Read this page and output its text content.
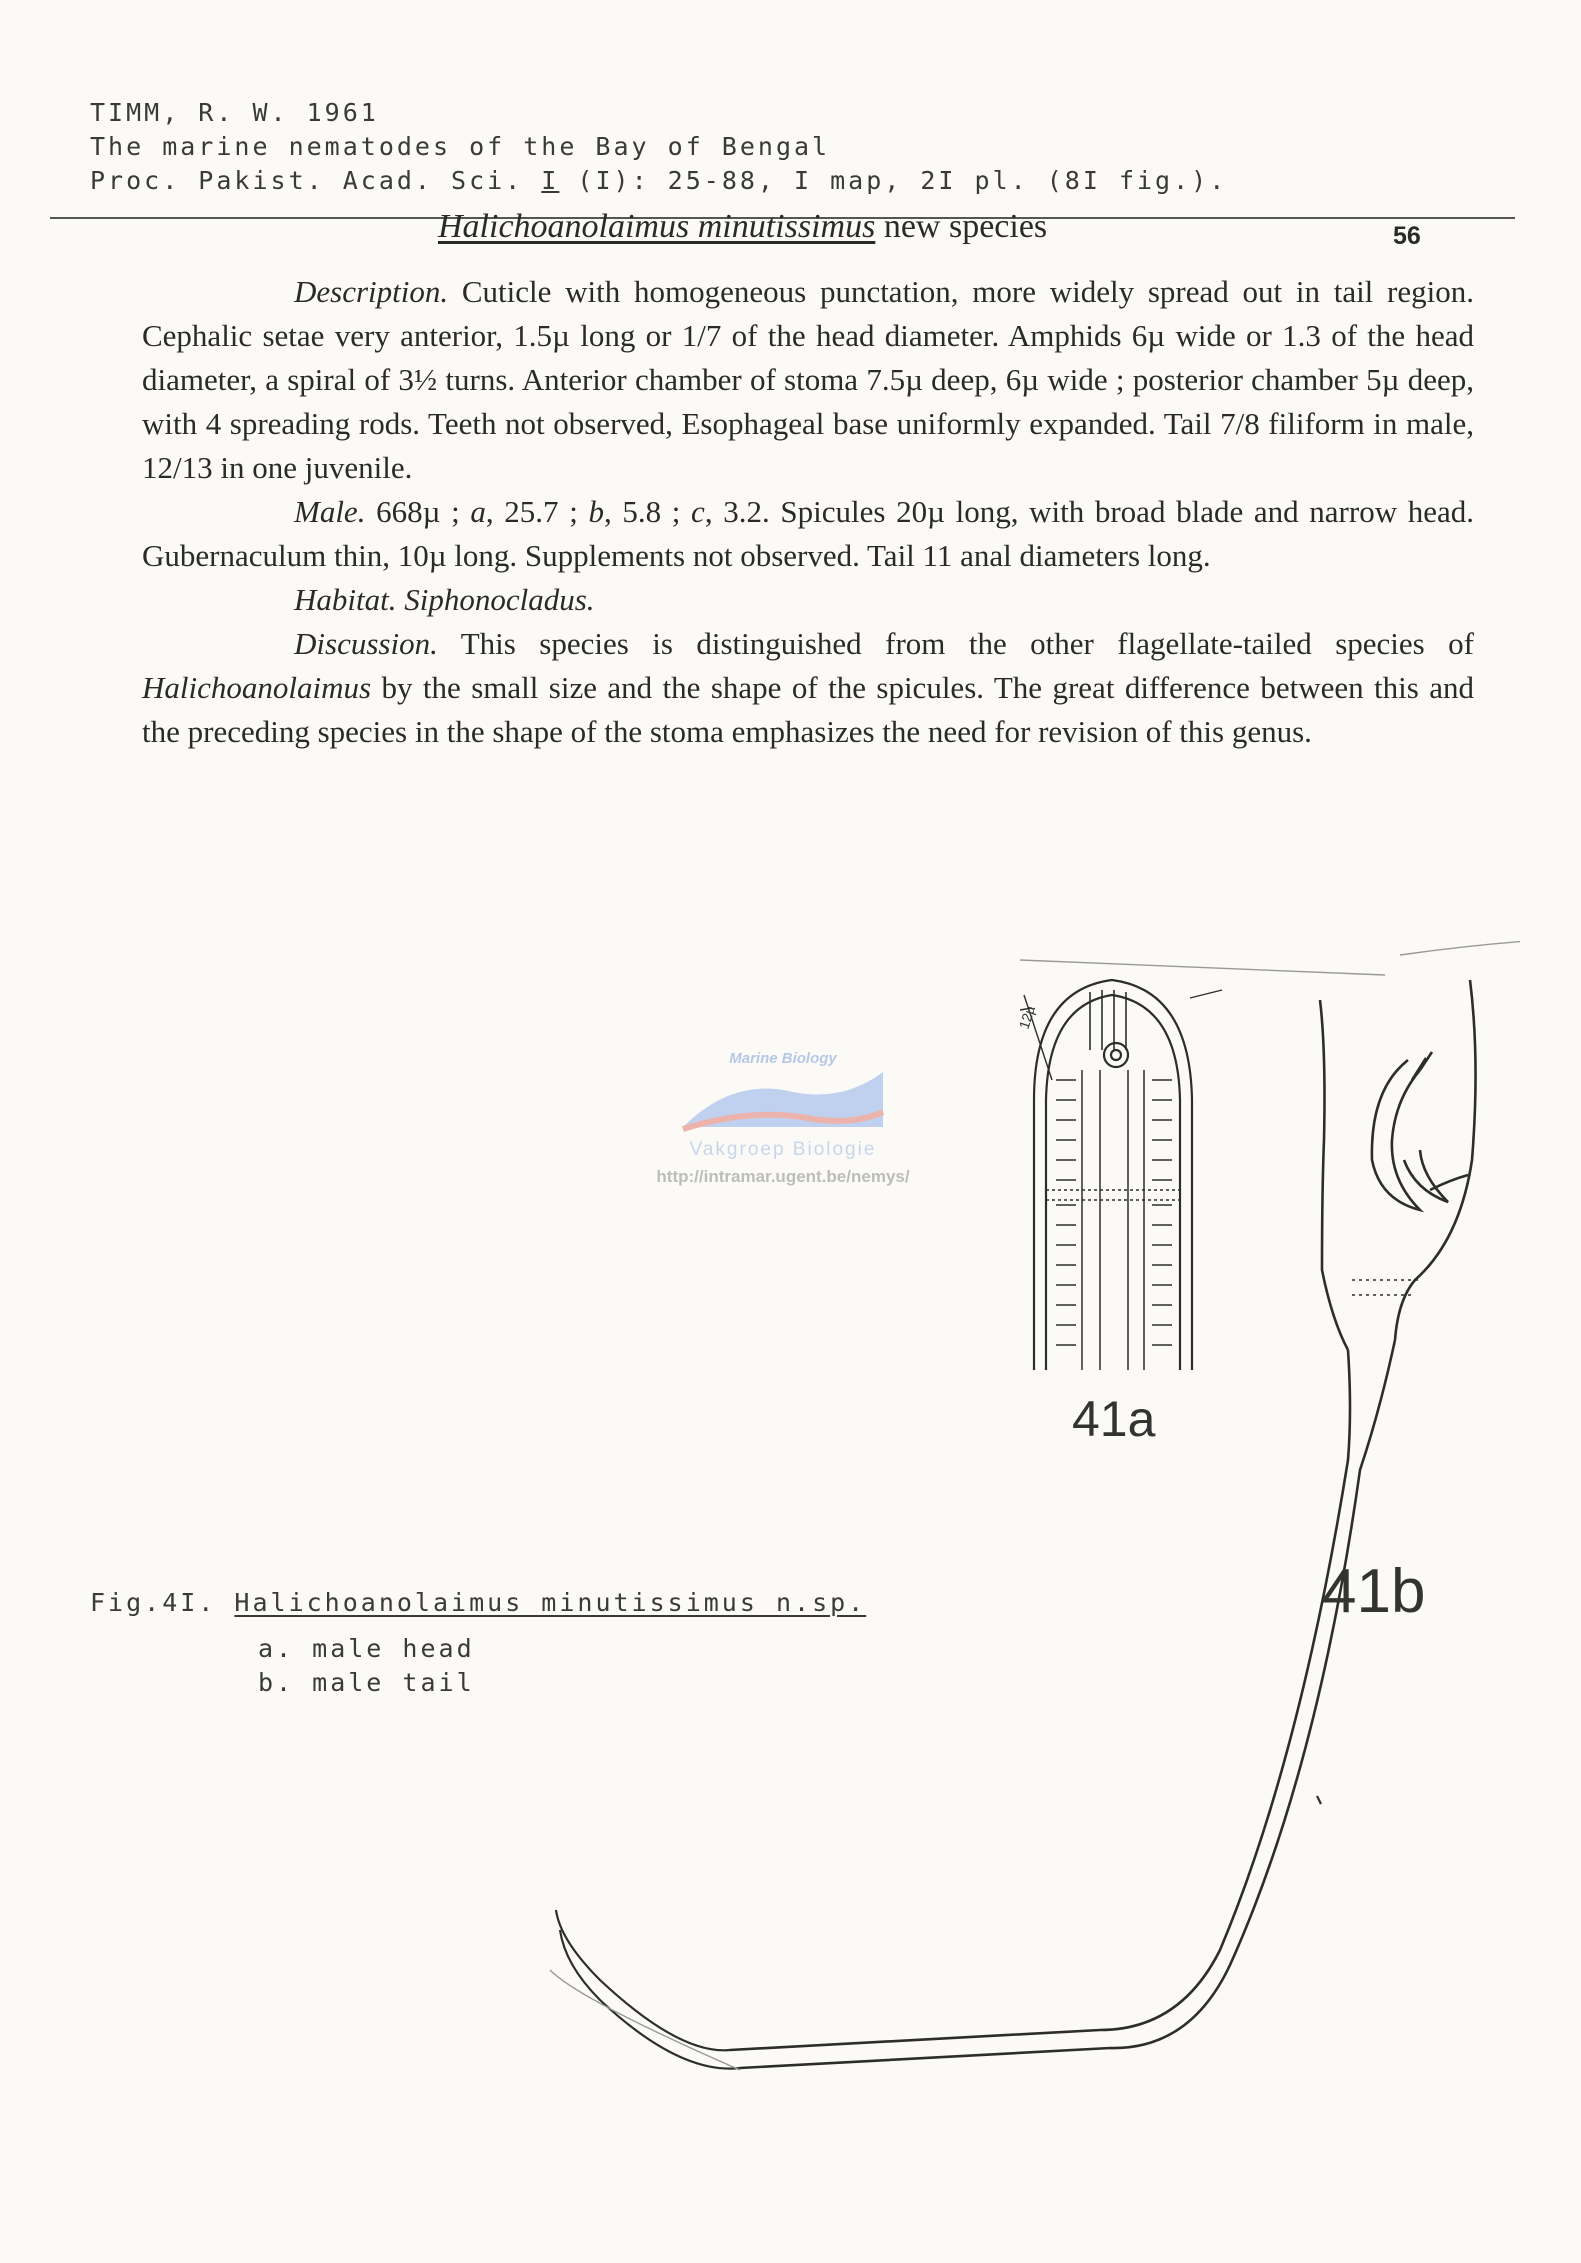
TIMM, R. W. 1961
The marine nematodes of the Bay of Bengal
Proc. Pakist. Acad. Sci. I (I): 25-88, I map, 2I pl. (8I fig.).
Halichoanolaimus minutissimus new species	56

Description. Cuticle with homogeneous punctation, more widely spread out in tail region. Cephalic setae very anterior, 1.5µ long or 1/7 of the head diameter. Amphids 6µ wide or 1.3 of the head diameter, a spiral of 3½ turns. Anterior chamber of stoma 7.5µ deep, 6µ wide ; posterior chamber 5µ deep, with 4 spreading rods. Teeth not observed, Esophageal base uniformly expanded. Tail 7/8 filiform in male, 12/13 in one juvenile.

Male. 668µ ; a, 25.7 ; b, 5.8 ; c, 3.2. Spicules 20µ long, with broad blade and narrow head. Gubernaculum thin, 10µ long. Supplements not observed. Tail 11 anal diameters long.

Habitat. Siphonocladus.

Discussion. This species is distinguished from the other flagellate-tailed species of Halichoanolaimus by the small size and the shape of the spicules. The great difference between this and the preceding species in the shape of the stoma emphasizes the need for revision of this genus.

Marine Biology
Vakgroep Biologie
http://intramar.ugent.be/nemys/
12µ
41a
41b
Fig.4I. Halichoanolaimus minutissimus n.sp.
a. male head
b. male tail
